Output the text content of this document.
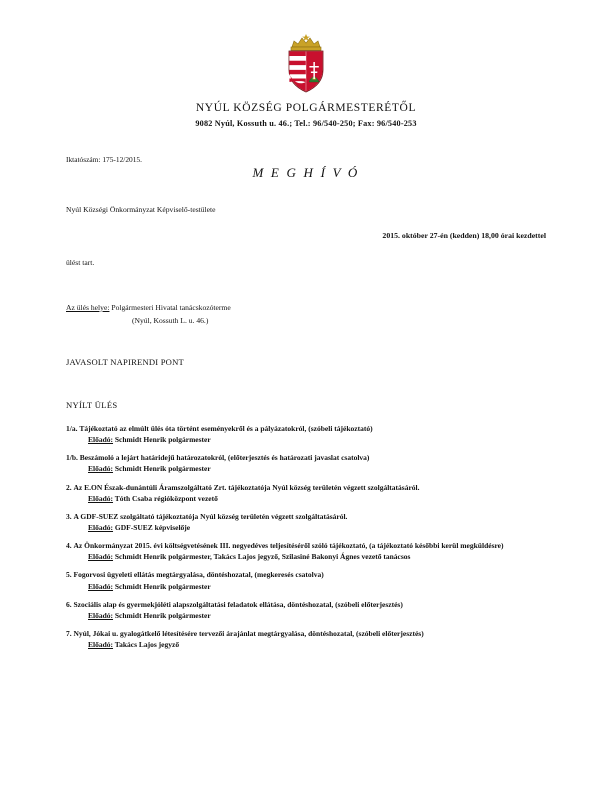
NYÚL KÖZSÉG POLGÁRMESTERÉTŐL
9082 Nyúl, Kossuth u. 46.; Tel.: 96/540-250; Fax: 96/540-253
Iktatószám: 175-12/2015.
M E G H Í V Ó
Nyúl Községi Önkormányzat Képviselő-testülete
2015. október 27-én (kedden) 18,00 órai kezdettel
ülést tart.
Az ülés helye: Polgármesteri Hivatal tanácskozóterme
(Nyúl, Kossuth L. u. 46.)
JAVASOLT NAPIRENDI PONT
NYÍLT ÜLÉS
1/a. Tájékoztató az elmúlt ülés óta történt eseményekről és a pályázatokról, (szóbeli tájékoztató)
Előadó: Schmidt Henrik polgármester
1/b. Beszámoló a lejárt határidejű határozatokról, (előterjesztés és határozati javaslat csatolva)
Előadó: Schmidt Henrik polgármester
2. Az E.ON Észak-dunántúli Áramszolgáltató Zrt. tájékoztatója Nyúl község területén végzett szolgáltatásáról.
Előadó: Tóth Csaba régióközpont vezető
3. A GDF-SUEZ szolgáltató tájékoztatója Nyúl község területén végzett szolgáltatásáról.
Előadó: GDF-SUEZ képviselője
4. Az Önkormányzat 2015. évi költségvetésének III. negyedéves teljesítéséről szóló tájékoztató, (a tájékoztató későbbi kerül megküldésre)
Előadó: Schmidt Henrik polgármester, Takács Lajos jegyző, Szilasiné Bakonyi Ágnes vezető tanácsos
5. Fogorvosi ügyeleti ellátás megtárgyalása, döntéshozatal, (megkeresés csatolva)
Előadó: Schmidt Henrik polgármester
6. Szociális alap és gyermekjóléti alapszolgáltatási feladatok ellátása, döntéshozatal, (szóbeli előterjesztés)
Előadó: Schmidt Henrik polgármester
7. Nyúl, Jókai u. gyalogátkelő létesítésére tervezői árajánlat megtárgyalása, döntéshozatal, (szóbeli előterjesztés)
Előadó: Takács Lajos jegyző
